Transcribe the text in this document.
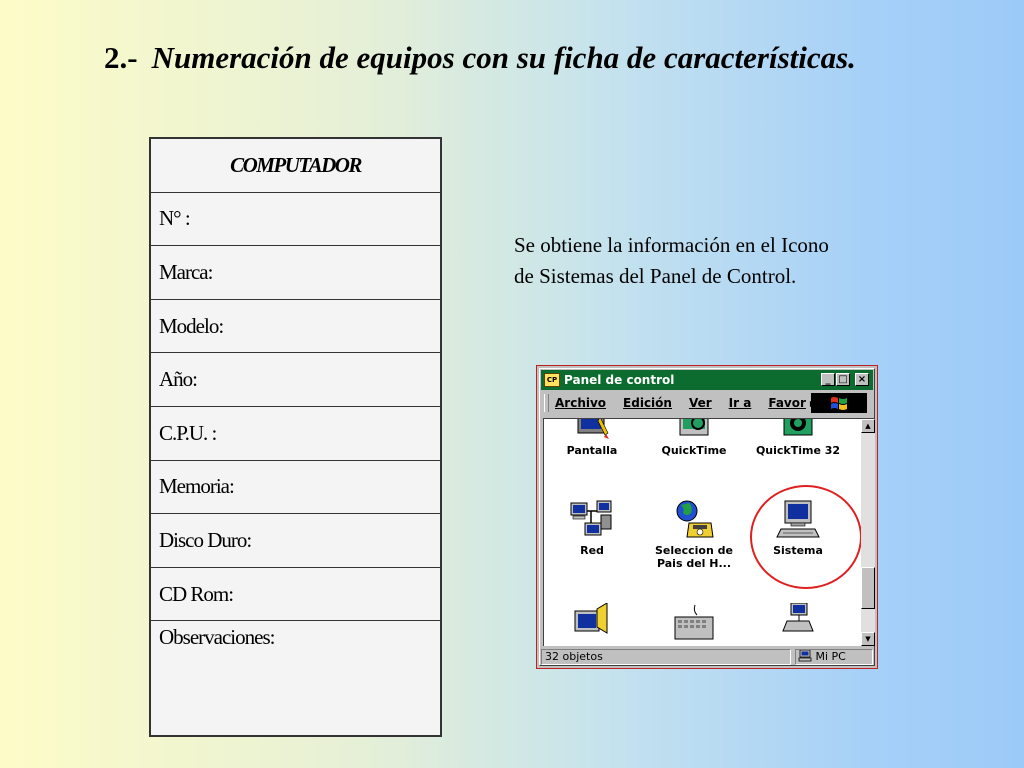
2.- Numeración de equipos con su ficha de características.
COMPUTADOR
N° :
Marca:
Modelo:
Año:
C.P.U. :
Memoria:
Disco Duro:
CD Rom:
Observaciones:
Se obtiene la información en el Icono
de Sistemas del Panel de Control.
CP Panel de control	_ □ ×
Archivo Edición Ver Ir a Favor
Pantalla	QuickTime	QuickTime 32
Red	Seleccion de
Pais del H...
Sistema
▲
▼
32 objetos	Mi PC
